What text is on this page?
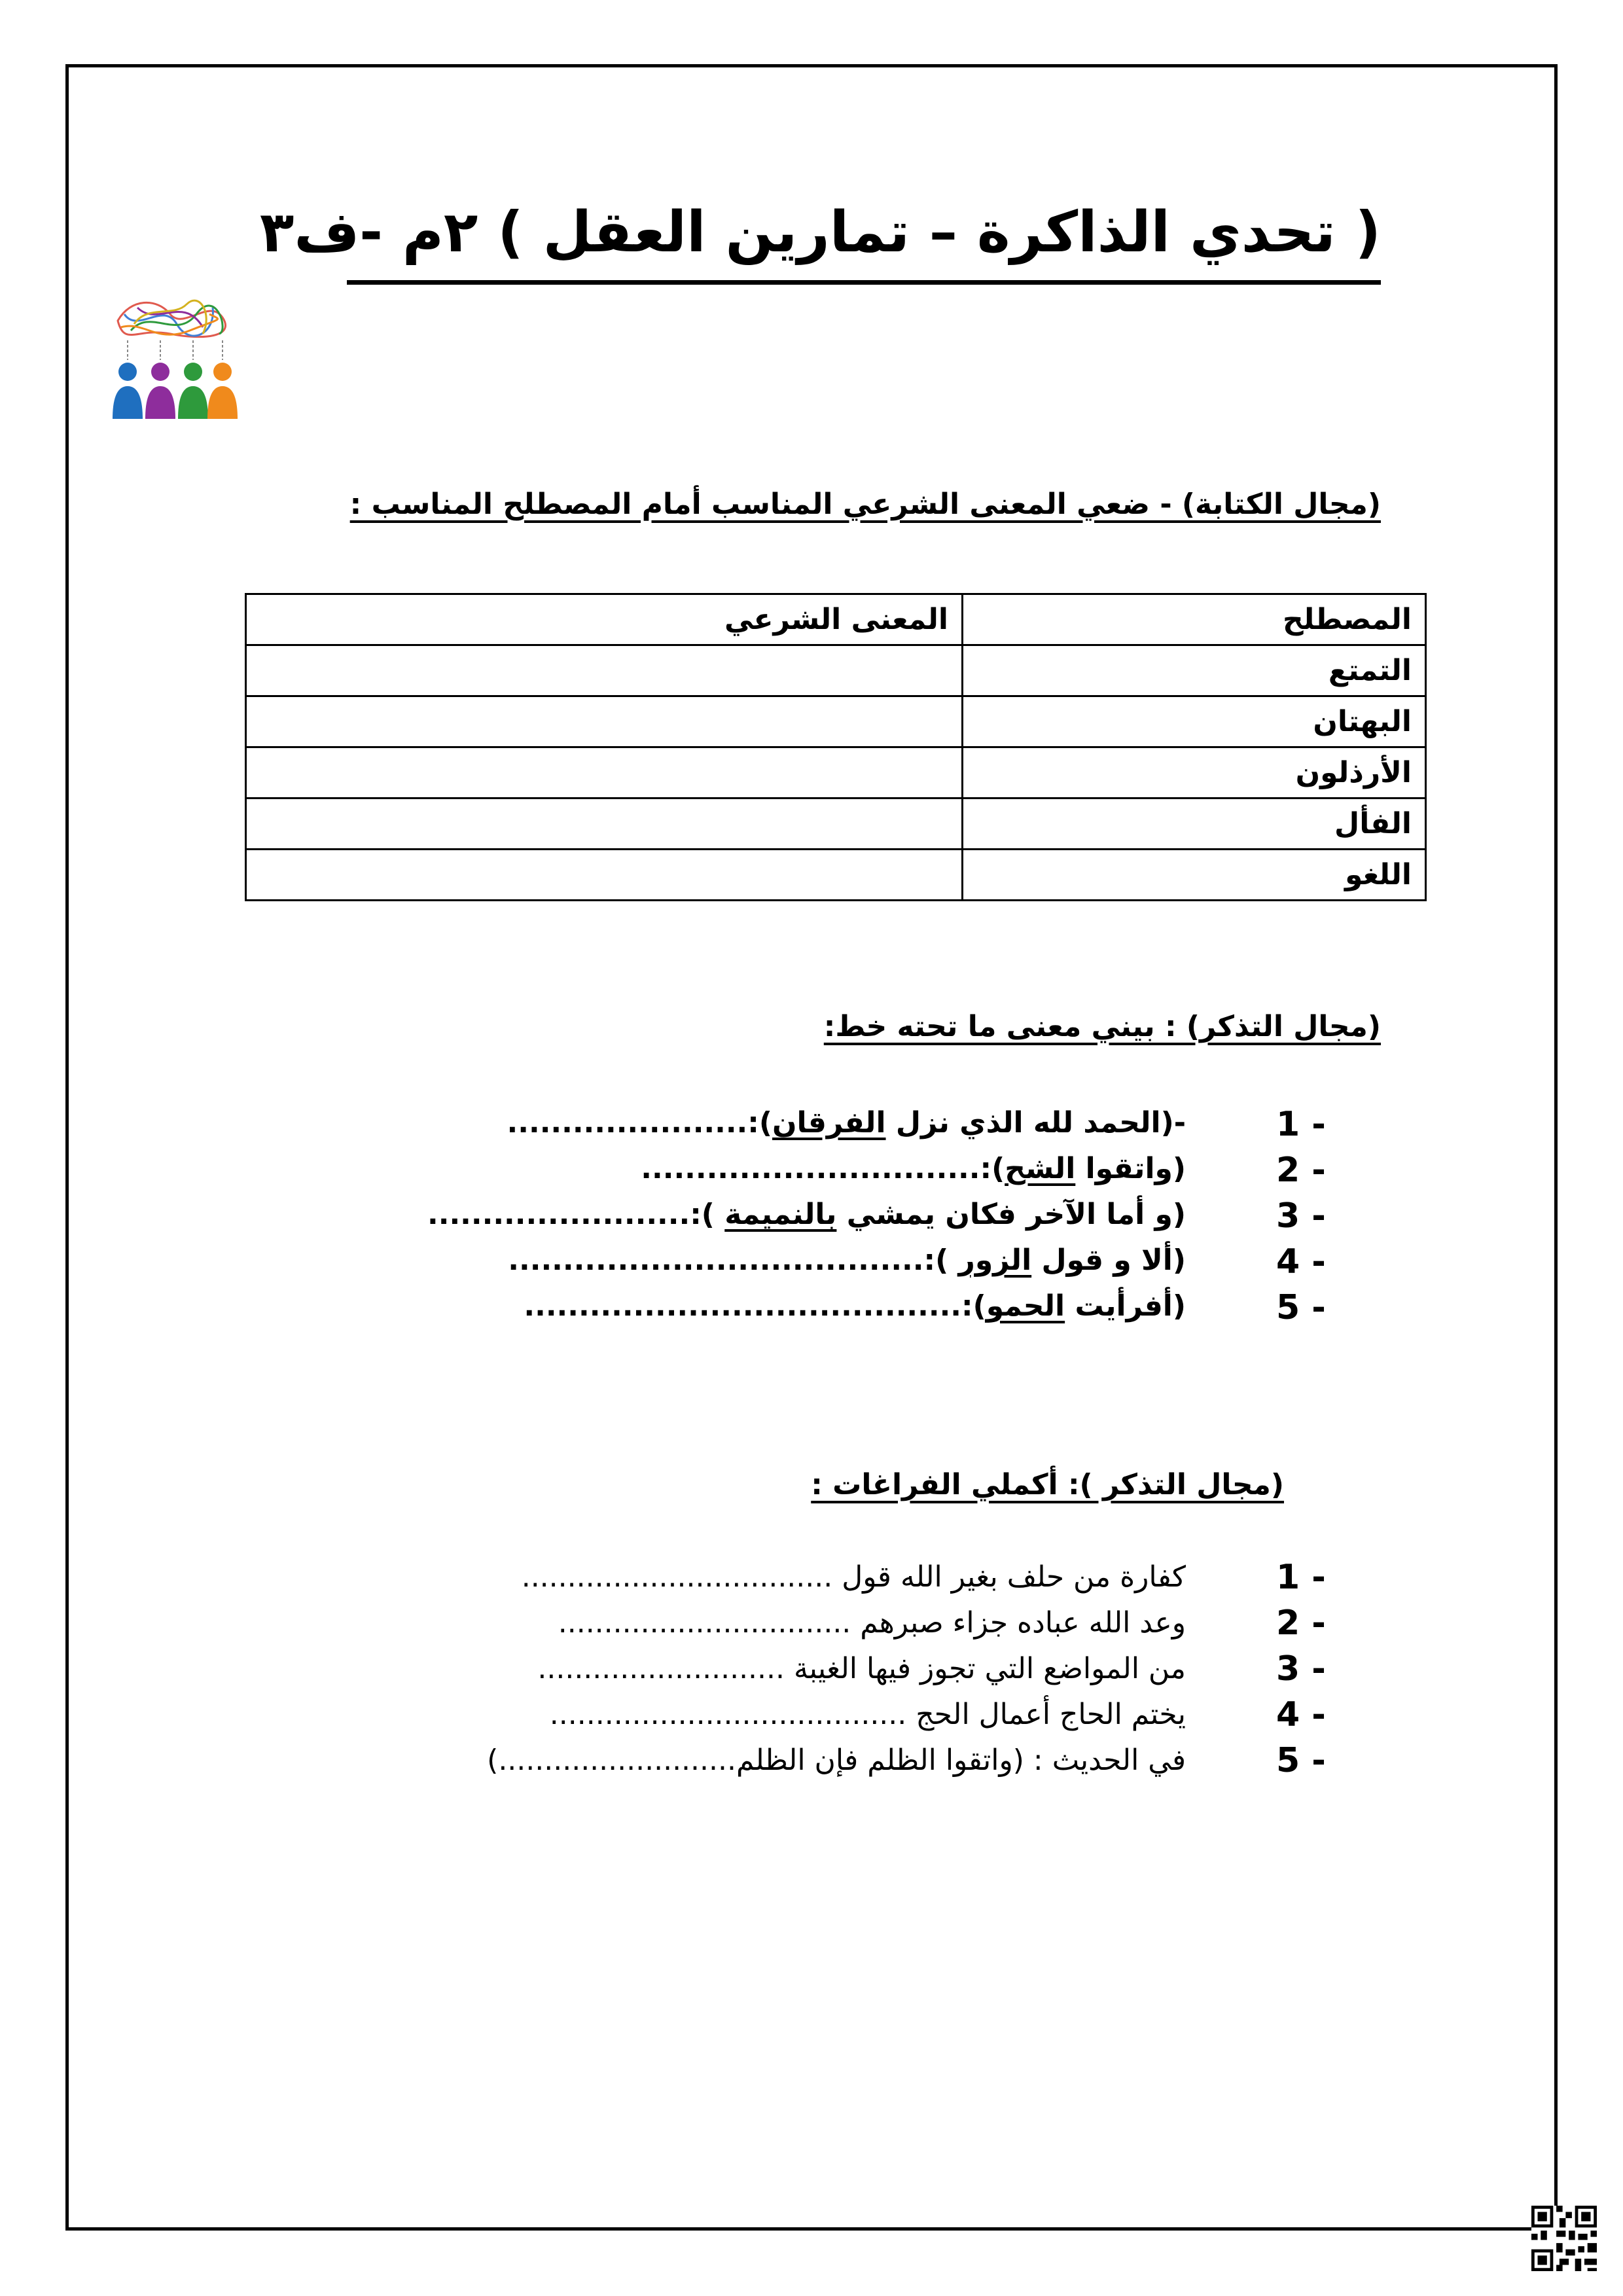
( تحدي الذاكرة – تمارين العقل ) ٢م -ف٣
(مجال الكتابة) - ضعي المعنى الشرعي المناسب أمام المصطلح المناسب :
المصطلح	المعنى الشرعي
التمتع	
البهتان	
الأرذلون	
الفأل	
اللغو	
(مجال التذكر) : بيني معنى ما تحته خط:
1 -
-(الحمد لله الذي نزل الفرقان):......................
2 -
(واتقوا الشح):...............................
3 -
(و أما الآخر فكان يمشي بالنميمة ):........................
4 -
(ألا و قول الزور ):......................................
5 -
(أفرأيت الحمو):........................................
(مجال التذكر ): أكملي الفراغات :
1 -
كفارة من حلف بغير الله قول ..................................
2 -
وعد الله عباده جزاء صبرهم ................................
3 -
من المواضع التي تجوز فيها الغيبة ...........................
4 -
يختم الحاج أعمال الحج .......................................
5 -
في الحديث : (واتقوا الظلم فإن الظلم..........................)
